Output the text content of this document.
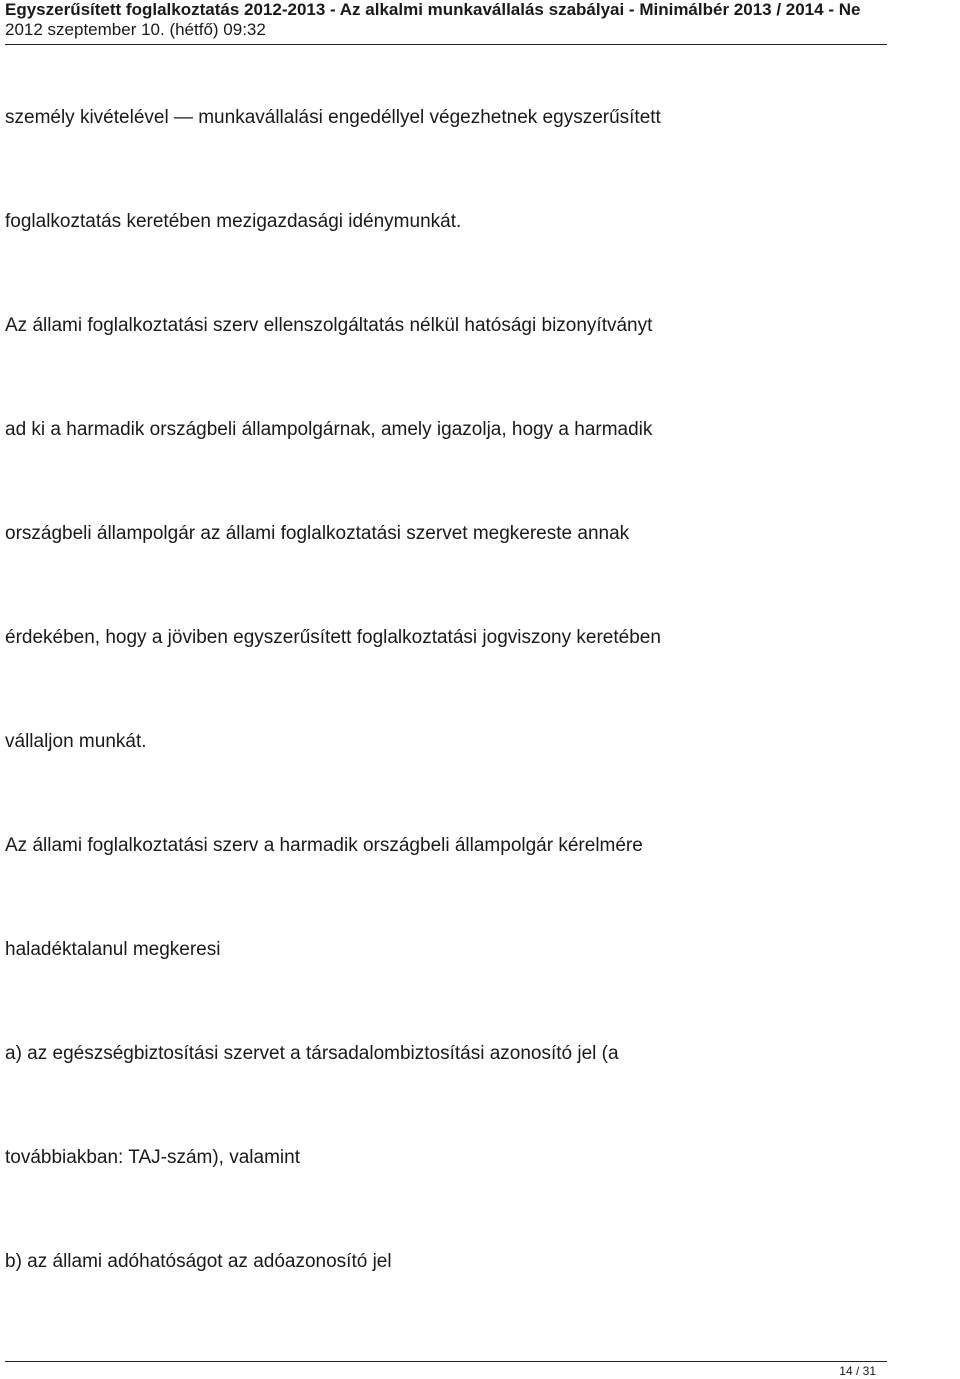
Egyszerűsített foglalkoztatás 2012-2013 - Az alkalmi munkavállalás szabályai - Minimálbér 2013 / 2014 - Ne
2012 szeptember 10. (hétfő) 09:32
személy kivételével — munkavállalási engedéllyel végezhetnek egyszerűsített
foglalkoztatás keretében mezigazdasági idénymunkát.
Az állami foglalkoztatási szerv ellenszolgáltatás nélkül hatósági bizonyítványt
ad ki a harmadik országbeli állampolgárnak, amely igazolja, hogy a harmadik
országbeli állampolgár az állami foglalkoztatási szervet megkereste annak
érdekében, hogy a jöviben egyszerűsített foglalkoztatási jogviszony keretében
vállaljon munkát.
Az állami foglalkoztatási szerv a harmadik országbeli állampolgár kérelmére
haladéktalanul megkeresi
a) az egészségbiztosítási szervet a társadalombiztosítási azonosító jel (a
továbbiakban: TAJ-szám), valamint
b) az állami adóhatóságot az adóazonosító jel
14 / 31
